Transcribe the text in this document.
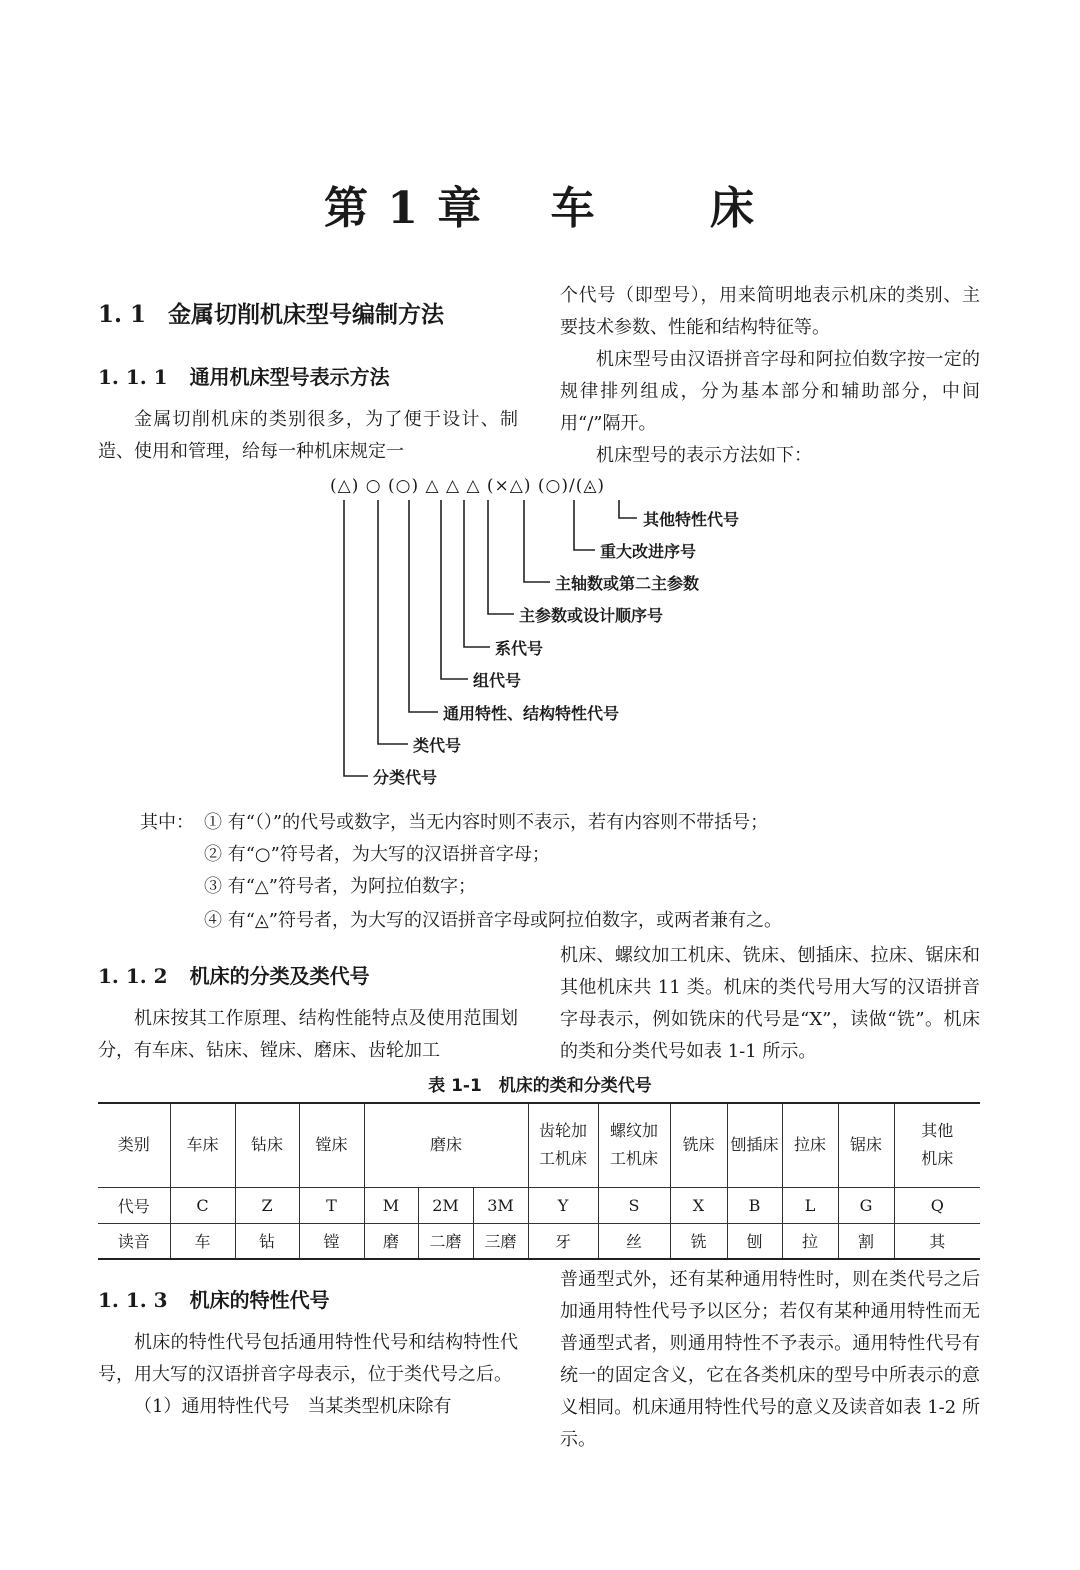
第 1 章 车	床
1. 1 金属切削机床型号编制方法
1. 1. 1 通用机床型号表示方法

金属切削机床的类别很多，为了便于设计、制造、使用和管理，给每一种机床规定一

个代号（即型号），用来简明地表示机床的类别、主要技术参数、性能和结构特征等。

机床型号由汉语拼音字母和阿拉伯数字按一定的规律排列组成，分为基本部分和辅助部分，中间用“/”隔开。

机床型号的表示方法如下：

(△) ○ (○) △ △ △ (×△) (○)/(◬)
其他特性代号
重大改进序号
主轴数或第二主参数
主参数或设计顺序号
系代号
组代号
通用特性、结构特性代号
类代号
分类代号
其中： ① 有“（）”的代号或数字，当无内容时则不表示，若有内容则不带括号；
② 有“○”符号者，为大写的汉语拼音字母；
③ 有“△”符号者，为阿拉伯数字；
④ 有“◬”符号者，为大写的汉语拼音字母或阿拉伯数字，或两者兼有之。
1. 1. 2 机床的分类及类代号

机床按其工作原理、结构性能特点及使用范围划分，有车床、钻床、镗床、磨床、齿轮加工

机床、螺纹加工机床、铣床、刨插床、拉床、锯床和其他机床共 11 类。机床的类代号用大写的汉语拼音字母表示，例如铣床的代号是“X”，读做“铣”。机床的类和分类代号如表 1-1 所示。

表 1-1　机床的类和分类代号
类别	车床	钻床	镗床	磨床			齿轮加工机床	螺纹加工机床	铣床	刨插床	拉床	锯床	其他机床
代号	C	Z	T	M	2M	3M	Y	S	X	B	L	G	Q
读音	车	钻	镗	磨	二磨	三磨	牙	丝	铣	刨	拉	割	其
1. 1. 3 机床的特性代号

机床的特性代号包括通用特性代号和结构特性代号，用大写的汉语拼音字母表示，位于类代号之后。

（1）通用特性代号　当某类型机床除有

普通型式外，还有某种通用特性时，则在类代号之后加通用特性代号予以区分；若仅有某种通用特性而无普通型式者，则通用特性不予表示。通用特性代号有统一的固定含义，它在各类机床的型号中所表示的意义相同。机床通用特性代号的意义及读音如表 1-2 所示。
